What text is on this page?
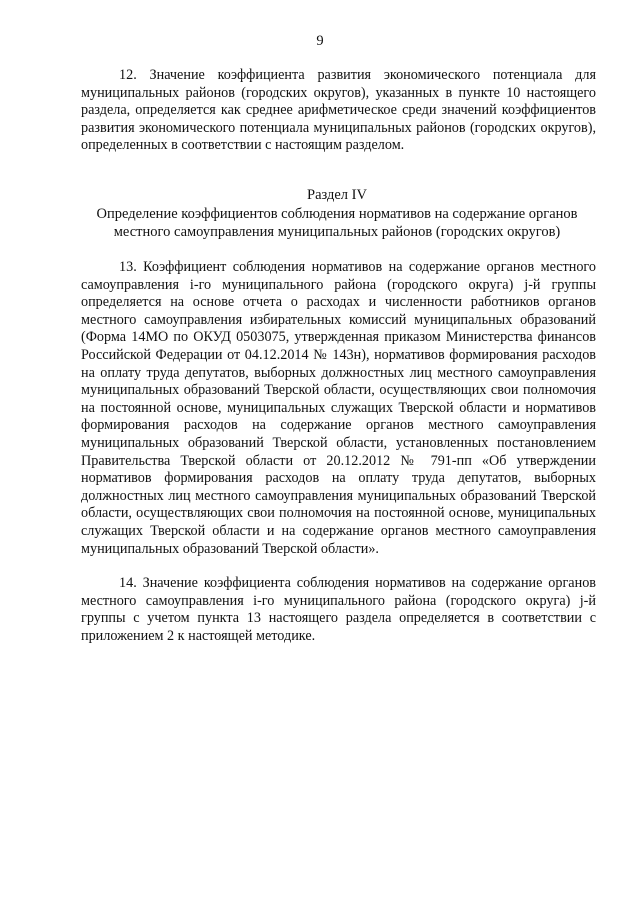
9

12. Значение коэффициента развития экономического потенциала для муниципальных районов (городских округов), указанных в пункте 10 настоящего раздела, определяется как среднее арифметическое среди значений коэффициентов развития экономического потенциала муниципальных районов (городских округов), определенных в соответствии с настоящим разделом.

Раздел IV
Определение коэффициентов соблюдения нормативов на содержание органов местного самоуправления муниципальных районов (городских округов)

13. Коэффициент соблюдения нормативов на содержание органов местного самоуправления i-го муниципального района (городского округа) j-й группы определяется на основе отчета о расходах и численности работников органов местного самоуправления избирательных комиссий муниципальных образований (Форма 14МО по ОКУД 0503075, утвержденная приказом Министерства финансов Российской Федерации от 04.12.2014 № 143н), нормативов формирования расходов на оплату труда депутатов, выборных должностных лиц местного самоуправления муниципальных образований Тверской области, осуществляющих свои полномочия на постоянной основе, муниципальных служащих Тверской области и нормативов формирования расходов на содержание органов местного самоуправления муниципальных образований Тверской области, установленных постановлением Правительства Тверской области от 20.12.2012 № 791-пп «Об утверждении нормативов формирования расходов на оплату труда депутатов, выборных должностных лиц местного самоуправления муниципальных образований Тверской области, осуществляющих свои полномочия на постоянной основе, муниципальных служащих Тверской области и на содержание органов местного самоуправления муниципальных образований Тверской области».

14. Значение коэффициента соблюдения нормативов на содержание органов местного самоуправления i-го муниципального района (городского округа) j-й группы с учетом пункта 13 настоящего раздела определяется в соответствии с приложением 2 к настоящей методике.
